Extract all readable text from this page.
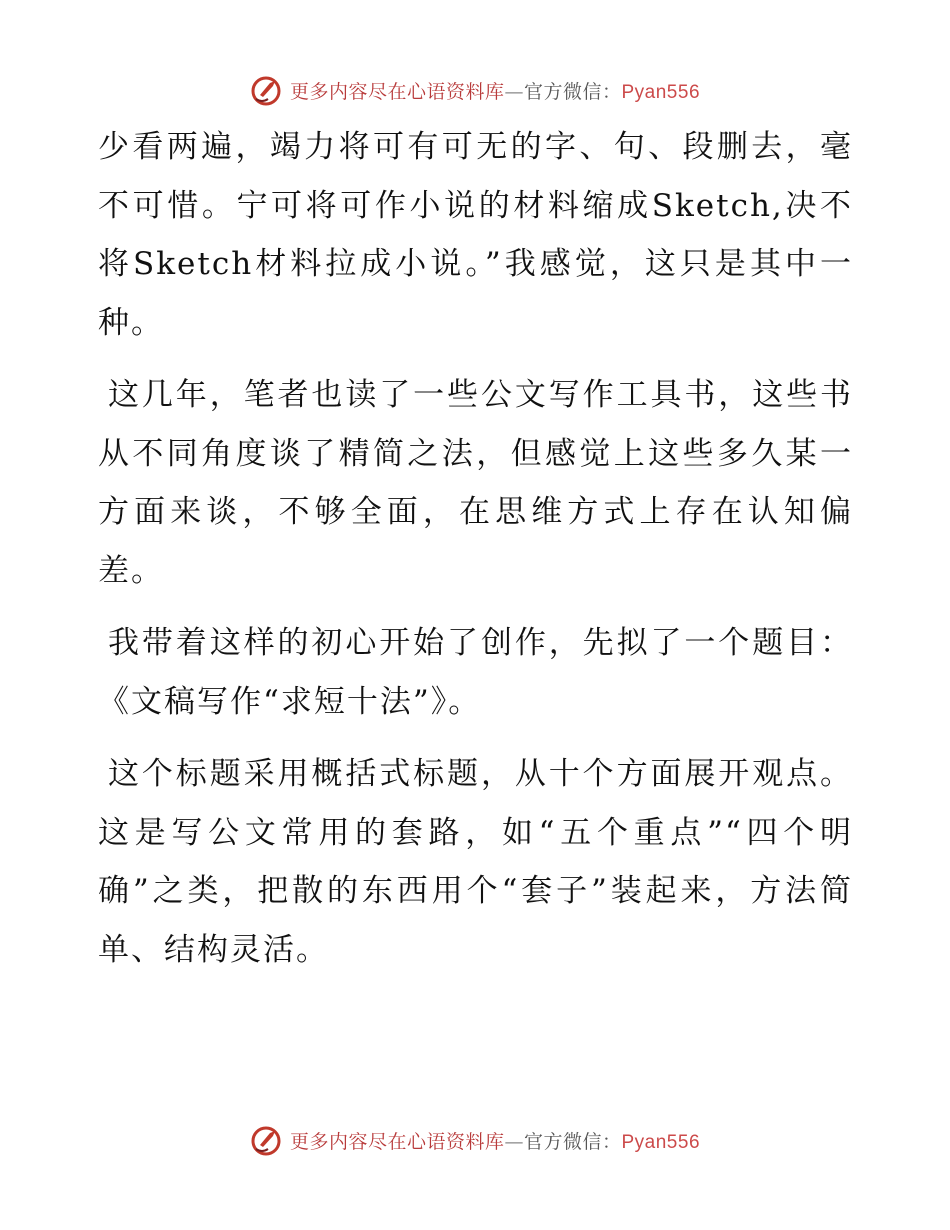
更多内容尽在心语资料库—官方微信：Pyan556

少看两遍，竭力将可有可无的字、句、段删去，毫不可惜。宁可将可作小说的材料缩成Sketch,决不将Sketch材料拉成小说。”我感觉，这只是其中一种。

这几年，笔者也读了一些公文写作工具书，这些书从不同角度谈了精简之法，但感觉上这些多久某一方面来谈，不够全面，在思维方式上存在认知偏差。

我带着这样的初心开始了创作，先拟了一个题目：《文稿写作“求短十法”》。

这个标题采用概括式标题，从十个方面展开观点。这是写公文常用的套路，如“五个重点”“四个明确”之类，把散的东西用个“套子”装起来，方法简单、结构灵活。

更多内容尽在心语资料库—官方微信：Pyan556
